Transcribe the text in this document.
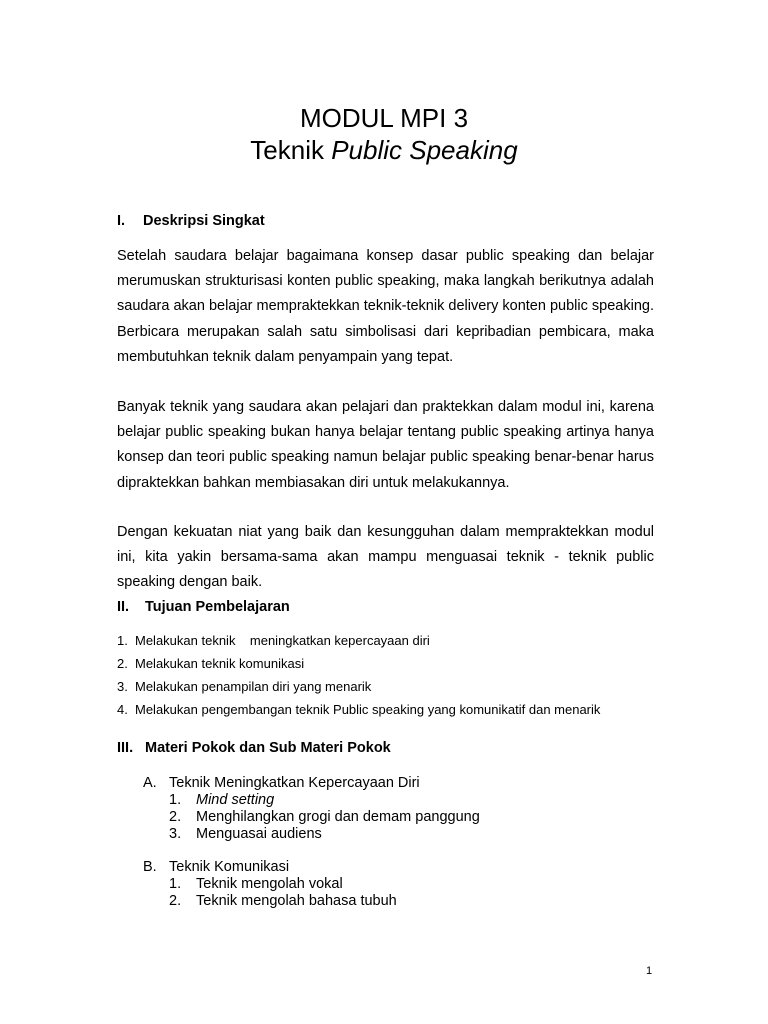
MODUL MPI 3
Teknik Public Speaking
I. Deskripsi Singkat
Setelah saudara belajar bagaimana konsep dasar public speaking dan belajar merumuskan strukturisasi konten public speaking, maka langkah berikutnya adalah saudara akan belajar mempraktekkan teknik-teknik delivery konten public speaking. Berbicara merupakan salah satu simbolisasi dari kepribadian pembicara, maka membutuhkan teknik dalam penyampain yang tepat.
Banyak teknik yang saudara akan pelajari dan praktekkan dalam modul ini, karena belajar public speaking bukan hanya belajar tentang public speaking artinya hanya konsep dan teori public speaking namun belajar public speaking benar-benar harus dipraktekkan bahkan membiasakan diri untuk melakukannya.
Dengan kekuatan niat yang baik dan kesungguhan dalam mempraktekkan modul ini, kita yakin bersama-sama akan mampu menguasai teknik - teknik public speaking dengan baik.
II. Tujuan Pembelajaran
1. Melakukan teknik    meningkatkan kepercayaan diri
2. Melakukan teknik komunikasi
3. Melakukan penampilan diri yang menarik
4. Melakukan pengembangan teknik Public speaking yang komunikatif dan menarik
III. Materi Pokok dan Sub Materi Pokok
A. Teknik Meningkatkan Kepercayaan Diri
1. Mind setting
2. Menghilangkan grogi dan demam panggung
3. Menguasai audiens
B. Teknik Komunikasi
1. Teknik mengolah vokal
2. Teknik mengolah bahasa tubuh
1
